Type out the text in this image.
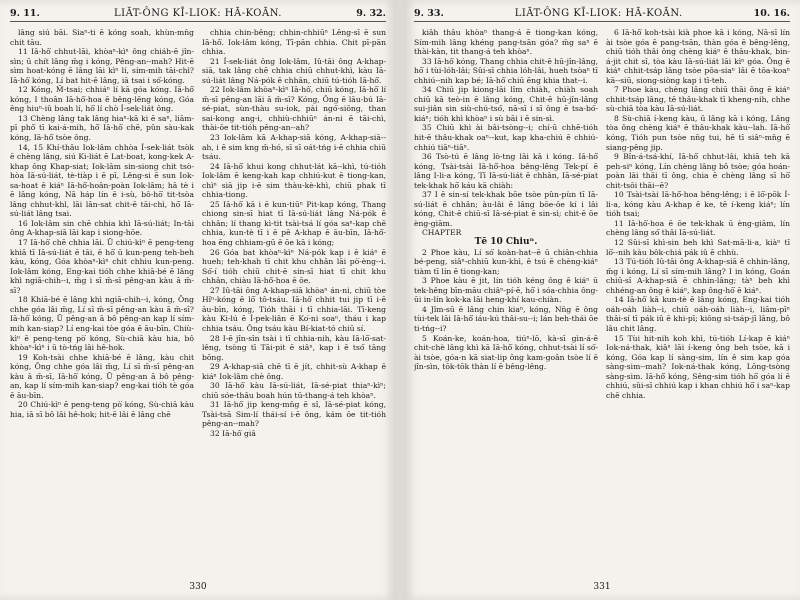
9. 11.	LIĀT-ÔNG KĪ-LIOK: HĀ-KOĀN.	9. 32.

lâng siú bāi. Siaⁿ-ti ē kóng soah, khùn-mn̄g chit tāu.

11 Iā-hô͘ chhut-lāi, khòaⁿ-kìⁿ ông chiáh-ē jîn-sìn; ū chít lâng m̄g i kóng, Pêng-an--mah? Hit-ē sìm hoat-kóng ē lâng lāi kìⁿ lí, sím-mih tāi-chì? Iā-hô͘ kóng, Lí bat hit-ē lâng, iā tsai i só͘-kóng.

12 Kóng, M̄-tsai; chhiáⁿ lí kā góa kóng. Iā-hô͘ kóng, I thoân Iā-hô͘-hoa ē bêng-lēng kóng, Góa êng hiuⁿ-iû boah lí, hō͘ lí chò Í-sek-liát ông.

13 Chèng lâng tak lâng hiaⁿ-kā ki ē saⁿ, liām-pī phô͘ tī kai-á-mih, hō͘ Iā-hô͘ chē, pûn sàu-kak kóng, Iā-hô͘ tsòe ông.

14, 15 Khí-thâu Iok-lâm chhòa Í-sek-liát tsòk ē chèng lâng, siú Ki-liát ē Lat-boat, kong-kek A-khap ông Khap-siat; Iok-lâm sin-siong chit tsò-hòa Iā-sú-liát, tè-tiàp i ē pī, Lêng-si ē sun Iok-sa-hoat ē kiáⁿ Iā-hô͘-hoân-poàn Iok-lâm; hā tè i ē lâng kóng, Nā háp lín ē i-sù, bô-hō͘ tit-tsòa lâng chhut-khl, lāi lân-sat chit-ē tāi-chì, hō͘ Iā-sú-liát lâng tsai.

16 Iok-lâm sin chē chhia khì Iā-sú-liát; In-tāi ông A-khap-siā lāi kap i siong-hōe.

17 Iā-hô͘ chē chhia lāi. Ū chiú-kìⁿ ē peng-teng khiā tī Iā-sú-liát ē tāi, ē hō͘ ū kun-peng teh-beh kàu, kóng, Góa khòaⁿ-kìⁿ chit chhiu kun-peng. Iok-lâm kóng, Eng-kai tióh chhe khiā-bé ē lâng khì ngiā-chih--i, m̄g i sī m̄-sī pêng-an kàu ā m̄-sī?

18 Khiā-bé ē lâng khì ngiā-chih--i, kóng, Ông chhe góa lâi m̄g, Lí sī m̄-sī pêng-an kàu ā m̄-sī? Iā-hô͘ kóng, Ū pêng-an ā bô pêng-an kap lí sím-mih kan-siap? Lí eng-kai tòe góa ē āu-bīn. Chiù-kìⁿ ē peng-teng pò͘ kóng, Sù-chiā kàu hia, bô khòaⁿ-kìⁿ i ū tò-tńg lâi hê-hok.

19 Koh-tsài chhe khiā-bé ē lâng, kàu chit kóng, Ông chhe góa lâi m̄g, Lí sī m̄-sī pêng-an kàu ā m̄-sī, Iā-hô͘ kóng, Ū pêng-an ā bô pêng-an, kap lí sím-mih kan-siap? eng-kai tióh tè góa ē āu-bīn.

20 Chiú-kìⁿ ē peng-teng pò͘ kóng, Sù-chiā kàu hia, iā sī bô lâi hê-hok; hit-ē lâi ē lâng chē

chhia chin-bêng; chhin-chhiūⁿ Lêng-sī ē sun Iā-hô͘. Iok-lâm kóng, Tī-pān chhia. Chit pī-pān chhia.

21 Í-sek-liát ông Iok-lâm, Iû-tāi ông A-khap-siā, tak lâng chē chhia chiū chhut-khì, kàu Iā-sú-liát lâng Ná-pók ē chhân, chiū tú-tióh Iā-hô͘.

22 Iok-lâm khòaⁿ-kìⁿ Iā-hô͘, chiū kóng, Iā-hô͘ lí m̄-sī pêng-an lāi ā m̄-sī? Kóng, Ông ē lāu-bú Iā-sé-piat, sùn-thàu su-iok, pài ngó͘-siōng, than sai-kong ang-i, chhiù-chhiūⁿ án-ni ē tāi-chì, thài-ōe tit-tióh pêng-an--ah?

23 Iok-lâm kā A-khap-siā kóng, A-khap-siā--ah, i ē sim kng m̄-hó, sī sī oát-tńg i-ē chhia chiū tsáu.

24 Iā-hô͘ khui kong chhut-lát kā--khì, tú-tióh Iok-lâm ē keng-kah kap chhiú-kut ē tiong-kan, chìⁿ siā jip i-ē sim thàu-kè-khì, chiū phak tī chhia-tiong.

25 Iā-hô͘ kā i ē kun-tiūⁿ Pit-kap kóng, Thang chiong sin-sī hiat tī Iā-sú-liát lâng Ná-pók ē chhân; lí thang kì-tit tsài-tsá lí góa saⁿ-kap chē chhia, kun-tè tī i ē pē A-khap ē āu-bīn, Iā-hô͘-hoa ēng chhiam-gū ē ōe kā i kóng;

26 Góa bat khòaⁿ-kìⁿ Ná-pók kap i ē kiáⁿ ē hueh; teh-khah tī chit khu chhân lāi pò͘-èng--i. Só͘-í tióh chiū chit-ē sin-sī hiat tī chit khu chhân, chiàu Iā-hô͘-hoa ē ōe.

27 Iû-tāi ông A-khap-siā khòaⁿ án-ni, chiū tòe Hîⁿ-kóng ē lō͘ tô-tsáu. Iā-hô͘ chhit tui jip tī i-ē āu-bīn, kóng, Tióh thāi i tī chhia-lāi. Tī-keng kàu Ki-lú ē Í-pek-liân ē Ko͘-ni soaⁿ, tháu i kap chhia tsáu. Ông tsáu kàu Bí-kiat-tó chiū sí.

28 I-ē jîn-sîn tsài i tī chhia-nih, kàu Iā-lō͘-sat-lêng, tsòng tī Tāi-pit ē siâⁿ, kap i ē tsó͘ tāng bōng.

29 A-khap-siā chē tī ē jít, chhit-sù A-khap ē kiáⁿ Iok-lâm chè ông.

30 Iā-hô͘ kàu Iā-sú-liát, Iā-sé-piat thiaⁿ-kìⁿ; chiū sóe-thâu boah hún tū-thang-á teh khòaⁿ.

31 Iā-hô͘ jip keng-mn̄g ē sî, Iā-sé-piat kóng, Tsài-tsā Sim-lí thái-sí i-ē ông, kám ōe tit-tióh pêng-an--mah?

32 Iā-hô͘ giâ

330
9. 33.	LIĀT-ÔNG KĪ-LIOK: HĀ-KOĀN.	10. 16.

kiâh thâu khòaⁿ thang-á ē tiong-kan kóng, Sím-mih lâng khéng pang-tsān góa? m̄g saⁿ ē thài-kàn, tit thang-á teh khòaⁿ.

33 Iā-hô͘ kóng, Thang chhia chit-ē hū-jîn-lâng, hō͘ i tùi-lóh-lâi; Sûi-sī chhia lóh-lâi, hueh tsòaⁿ tī chhiú--nih kap bé; Iā-hô͘ chiū ēng khia that--i.

34 Chiū jip kiong-lāi lîm chiàh, chiàh soah chiū kā teò-in ē lâng kóng, Chit-ē hū-jîn-lâng sui-jiân sin siù-chú-tsó͘, nā-sī i sī ông ē tsa-bó͘-kiáⁿ; tióh khì khòaⁿ i sù bāi i ē sin-sì.

35 Chiū khì ài bâi-tsòng--i; chí-ū chhē-tióh hit-ē thâu-khak oaⁿ--kut, kap kha-chiú ē chhiú-chhiú tiāⁿ-tiāⁿ.

36 Tsò-tú ē lâng lò-tng lâi kā i kóng. Iā-hô͘ kóng, Tsài-tsài Iā-hô͘-hoa bêng-lêng Tek-pí ē lâng I-li-a kóng, Tī Iā-sú-liát ē chhân, Iā-sé-piat tek-khak hō͘ káu kā chiàh:

37 I ē sin-sí tek-khak bōe tsòe pûn-pùn tī Iā-sú-liát ē chhân; àu-lâi ē lâng bōe-ōe kí i lâi kóng, Chit-ē chiū-sī Iā-sé-piat ē sin-sì; chit-ē ōe èng-giām.

CHAPTER

Tē 10 Chiuⁿ.

2 Phoe kàu, Lí só͘ koàn-hat--ē ū chiân-chhia bé-peng, siâⁿ-chhiū kun-khì, ē tsú ē chèng-kiáⁿ tiàm tī lín ē tiong-kan;

3 Phoe kàu ē jit, lín tióh kéng ông ē kiáⁿ ū tek-hêng bīn-māu chiâⁿ-pí-ē, hō͘ i sóa-chhia ông-ūi in-lín kok-ka lāi heng-khí kau-chiàn.

4 Jîm-sū ē lâng chin kiaⁿ, kóng, Nn̄g ē ông tùi-tek lāi Iā-hô͘ iáu-kú thâi-su--i; lán beh-thái ōe ti-tńg--i?

5 Koán-ke, koán-hoa, tiúⁿ-lō, kà-sī gìn-á-ē chit-chè lâng khì kā Iā-hô͘ kóng, chhut-tsài lí só͘-ài tsòe, góa-n kā siat-lip ông kam-goân tsòe lí ē jîn-sìn, tōk-tōk thàn lí ē bêng-lêng.

6 Iā-hô͘ koh-tsài kià phoe kā i kóng, Nā-sī lín ài tsòe góa ē pang-tsān, thàn góa ē bêng-lêng, chiū tióh thâi ông chèng kiáⁿ ē thâu-khak, bin-á-jit chit sî, tòa kàu Iā-sú-liát lāi kìⁿ góa. Ông ē kiáⁿ chhit-tsáp lâng tsòe pōa-siaⁿ lâi ē tōa-koaⁿ kā--siū, siong-siòng kap i tī-teh.

7 Phoe kàu, chèng lâng chiū thāi ông ē kiáⁿ chhit-tsáp lâng, tē thâu-khak tī kheng-nih, chhe sù-chiā tòa kàu Iā-sú-liát.

8 Sù-chiā í-keng kàu, ū lâng kā i kóng, Lâng tòa ông chèng kiáⁿ ē thâu-khak kàu--lah. Iā-hô͘ kóng, Tióh pun tsòe nn̄g tui, hē tī siâⁿ-mn̄g ē siang-pêng jip.

9 Bîn-á-tsá-khí, Iā-hô͘ chhut-lâi, khiā teh kā peh-siⁿ kóng, Lín chèng lâng bô tsòe; góa hoán-poàn lāi thāi tī ông, chia ē chèng lâng sī hō͘ chit-tsōi thāi--ē?

10 Tsài-tsài Iā-hô͘-hoa bêng-lêng; i ē lō͘-pōk Í-li-a, kóng kàu A-khap ē ke, tē í-keng kiáⁿ; lín tióh tsai;

11 Iā-hô͘-hoa ē ōe tek-khak ū èng-giām, lín chèng lâng só͘ thâi Iā-sú-liát.

12 Sûi-sī khì-sin beh khì Sat-mā-li-a, kiàⁿ tī lō͘--nih kàu bôk-chiá pák iû ē chhù.

13 Tú-tióh Iû-tāi ông A-khap-siā ē chhin-lâng, m̄g i kóng, Lí sī sím-mih lâng? I in kóng, Goán chiū-sī A-khap-siā ē chhin-lâng; tàⁿ beh khì chhéng-an ông ē kiáⁿ, kap ông-hō͘ ē kiáⁿ.

14 Iā-hô͘ kā kun-tè ē lâng kóng, Eng-kai tióh oáh-oáh liàh--i, chiū oáh-oáh liàh--i, liām-pīⁿ thâi-sí tī pák iû ē khi-pī; kiông si-tsáp-jī lâng, bô lâu chit lâng.

15 Tùi hit-nih koh khì, tú-tióh Lí-kap ē kiáⁿ Iok-ná-thak, kiâⁿ lāi í-keng ông beh tsòe, kā i kóng, Góa kap lí sàng-sim, lín ê sim kap góa sàng-sim--mah? Iok-ná-thak kóng, Lōng-tsòng sàng-sim. Iā-hô͘ kóng, Sêng-sim tióh hō͘ góa lí ē chhiú, sûi-sī chhiú kap i khan chhiú hō͘ i saⁿ-kap chē chhia.

331
